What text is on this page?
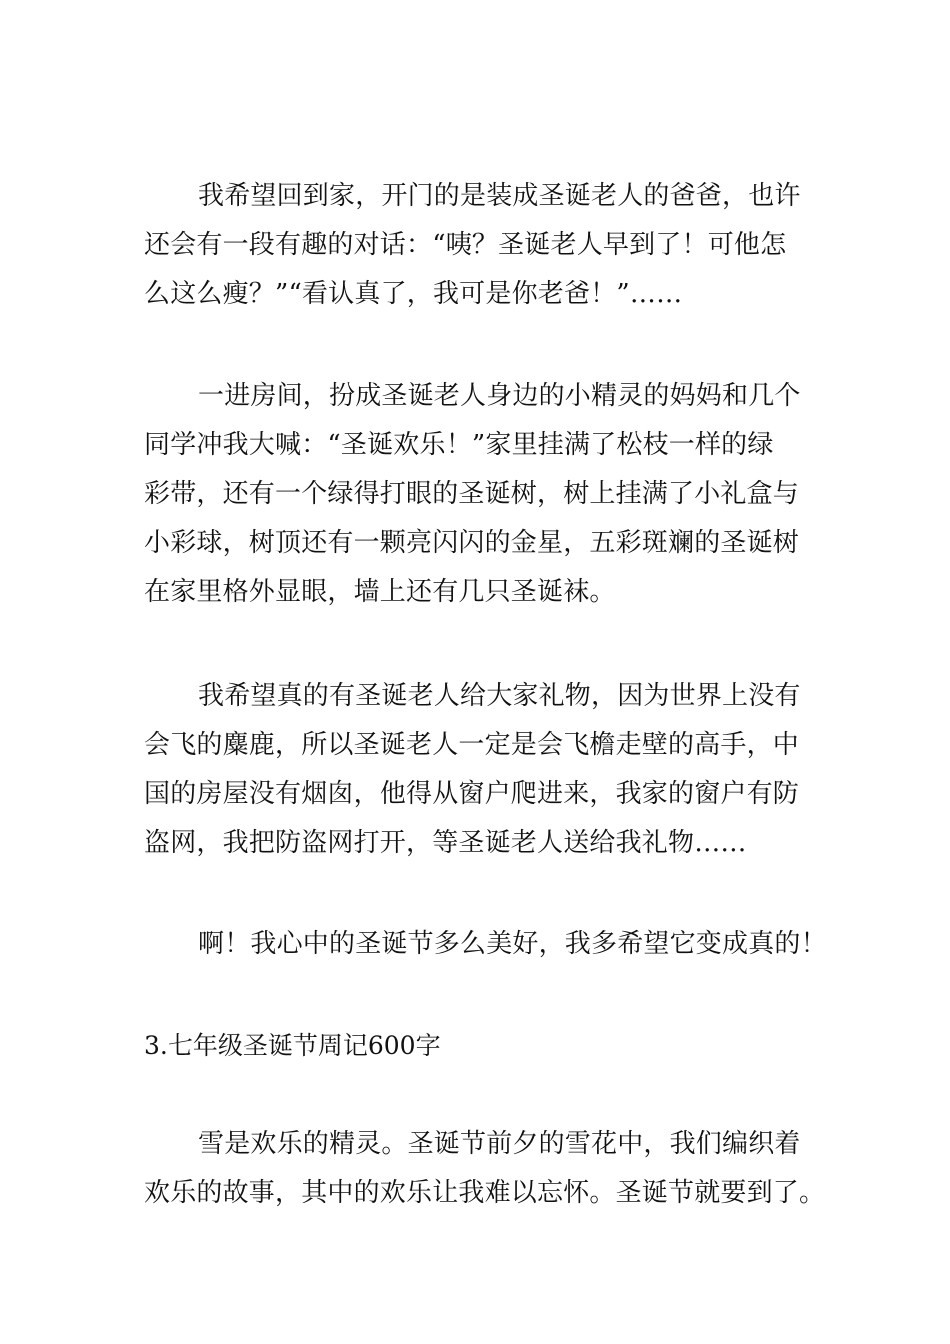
我希望回到家，开门的是装成圣诞老人的爸爸，也许
还会有一段有趣的对话：“咦？圣诞老人早到了！可他怎
么这么瘦？”“看认真了，我可是你老爸！”……

一进房间，扮成圣诞老人身边的小精灵的妈妈和几个
同学冲我大喊：“圣诞欢乐！”家里挂满了松枝一样的绿
彩带，还有一个绿得打眼的圣诞树，树上挂满了小礼盒与
小彩球，树顶还有一颗亮闪闪的金星，五彩斑斓的圣诞树
在家里格外显眼，墙上还有几只圣诞袜。

我希望真的有圣诞老人给大家礼物，因为世界上没有
会飞的麋鹿，所以圣诞老人一定是会飞檐走壁的高手，中
国的房屋没有烟囱，他得从窗户爬进来，我家的窗户有防
盗网，我把防盗网打开，等圣诞老人送给我礼物……

啊！我心中的圣诞节多么美好，我多希望它变成真的！

3.七年级圣诞节周记600字

雪是欢乐的精灵。圣诞节前夕的雪花中，我们编织着
欢乐的故事，其中的欢乐让我难以忘怀。圣诞节就要到了。
